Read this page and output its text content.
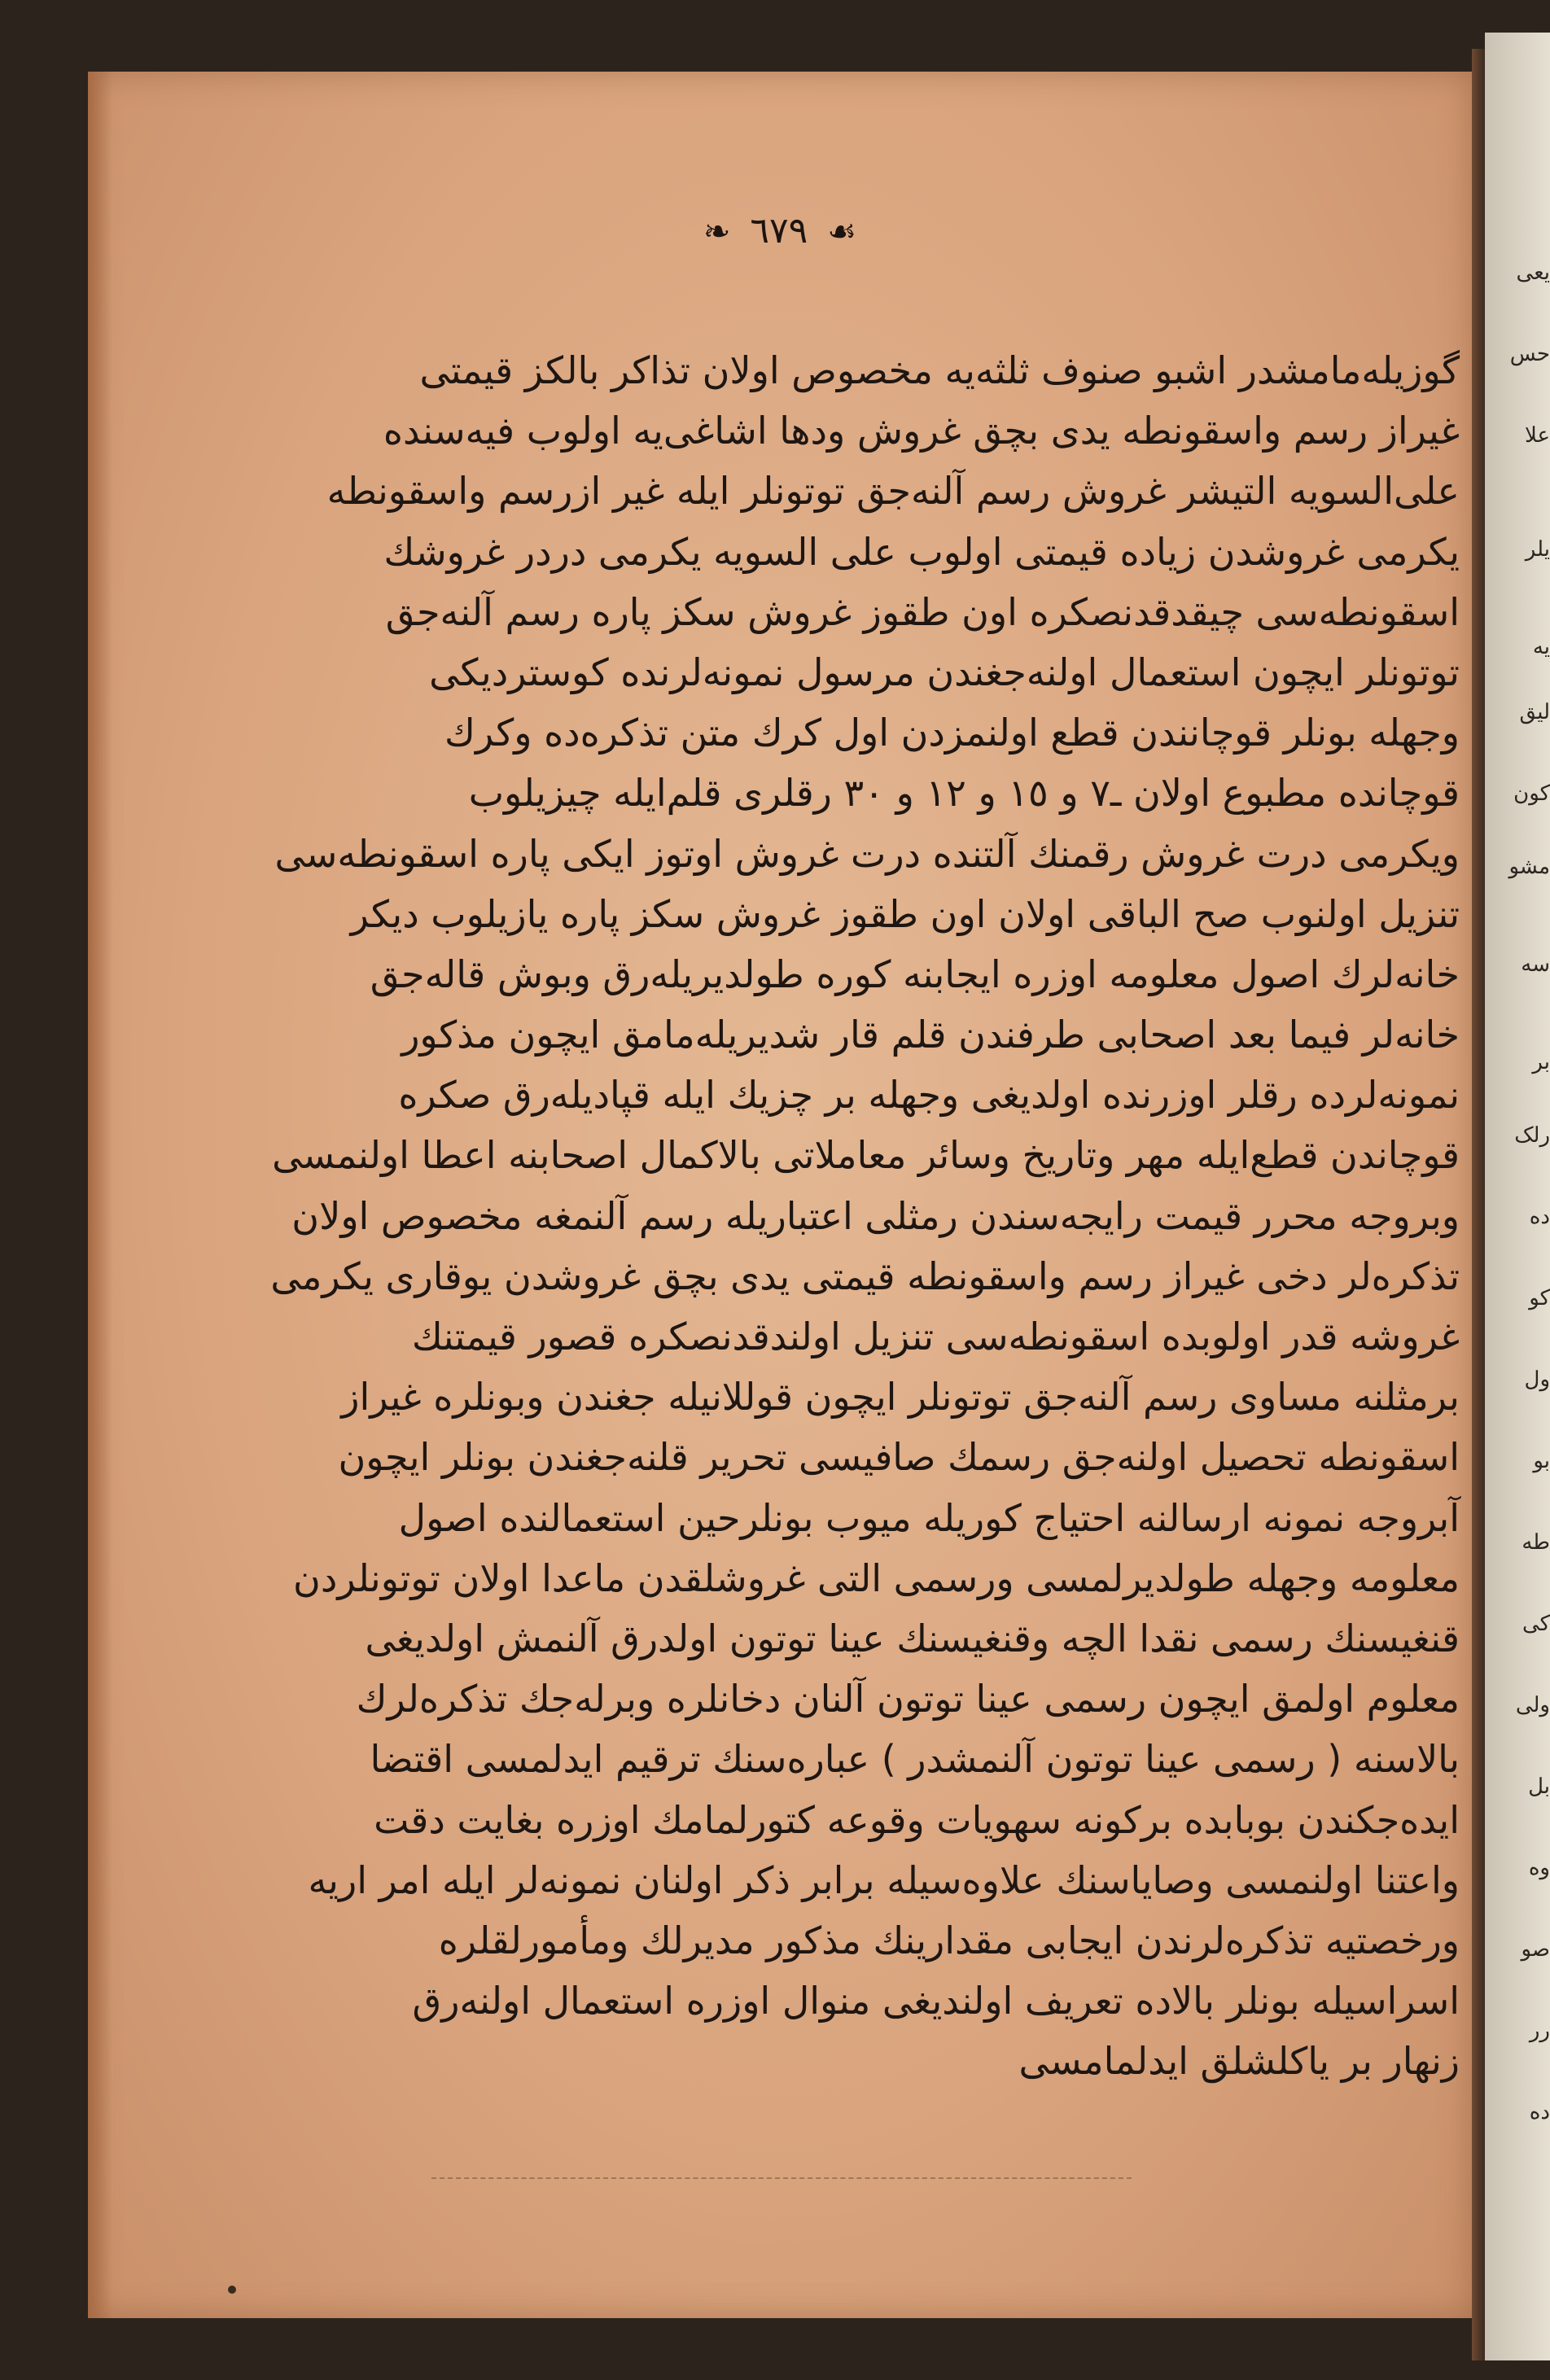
❧ ٦٧٩ ☙
گوزیله‌مامشدر اشبو صنوف ثلثه‌یه مخصوص اولان تذاکر بالکز قیمتی
غیراز رسم واسقونطه یدی بچق غروش ودها اشاغی‌یه اولوب فیه‌سنده
علی‌السویه التیشر غروش رسم آلنه‌جق توتونلر ایله غیر ازرسم واسقونطه
یکرمی غروشدن زیاده قیمتی اولوب علی السویه یکرمی دردر غروشك
اسقونطه‌سی چیقدقدنصکره اون طقوز غروش سکز پاره رسم آلنه‌جق
توتونلر ایچون استعمال اولنه‌جغندن مرسول نمونه‌لرنده کوستردیکی
وجهله بونلر قوچانندن قطع اولنمزدن اول کرك متن تذکره‌ده وکرك
قوچانده مطبوع اولان ـ٧ و ١٥ و ١٢ و ٣٠ رقلری قلم‌ایله چیزیلوب
ویکرمی درت غروش رقمنك آلتنده درت غروش اوتوز ایکی پاره اسقونطه‌سی
تنزیل اولنوب صح الباقی اولان اون طقوز غروش سکز پاره یازیلوب دیکر
خانه‌لرك اصول معلومه اوزره ایجابنه کوره طولدیریله‌رق وبوش قاله‌جق
خانه‌لر فیما بعد اصحابی طرفندن قلم قار شدیریله‌مامق ایچون مذکور
نمونه‌لرده رقلر اوزرنده اولدیغی وجهله بر چزیك ایله قپادیله‌رق صکره
قوچاندن قطع‌ایله مهر وتاریخ وسائر معاملاتی بالاکمال اصحابنه اعطا اولنمسی
وبروجه محرر قیمت رایجه‌سندن رمثلی اعتباریله رسم آلنمغه مخصوص اولان
تذکره‌لر دخی غیراز رسم واسقونطه قیمتی یدی بچق غروشدن یوقاری یکرمی
غروشه قدر اولوبده اسقونطه‌سی تنزیل اولندقدنصکره قصور قیمتنك
برمثلنه مساوی رسم آلنه‌جق توتونلر ایچون قوللانیله جغندن وبونلره غیراز
اسقونطه تحصیل اولنه‌جق رسمك صافیسی تحریر قلنه‌جغندن بونلر ایچون
آبروجه نمونه ارسالنه احتیاج کوریله میوب بونلرحین استعمالنده اصول
معلومه وجهله طولدیرلمسی ورسمی التی غروشلقدن ماعدا اولان توتونلردن
قنغیسنك رسمی نقدا الچه وقنغیسنك عینا توتون اولدرق آلنمش اولدیغی
معلوم اولمق ایچون رسمی عینا توتون آلنان دخانلره وبرله‌جك تذکره‌لرك
بالاسنه ( رسمی عینا توتون آلنمشدر ) عباره‌سنك ترقیم ایدلمسی اقتضا
ایده‌جکندن بوبابده برکونه سهویات وقوعه کتورلمامك اوزره بغایت دقت
واعتنا اولنمسی وصایاسنك علاوه‌سیله برابر ذکر اولنان نمونه‌لر ایله امر اریه
ورخصتیه تذکره‌لرندن ایجابی مقدارینك مذکور مدیرلك ومأمورلقلره
اسراسیله بونلر بالاده تعریف اولندیغی منوال اوزره استعمال اولنه‌رق
زنهار بر یاکلشلق ایدلمامسی
یعی
حس
علا
یلر
یه
لیق
کون
مشو
سه
بر
رلک
ده
کو
ول
بو
طه
کی
ولی
بل
وه
صو
رر
ده
